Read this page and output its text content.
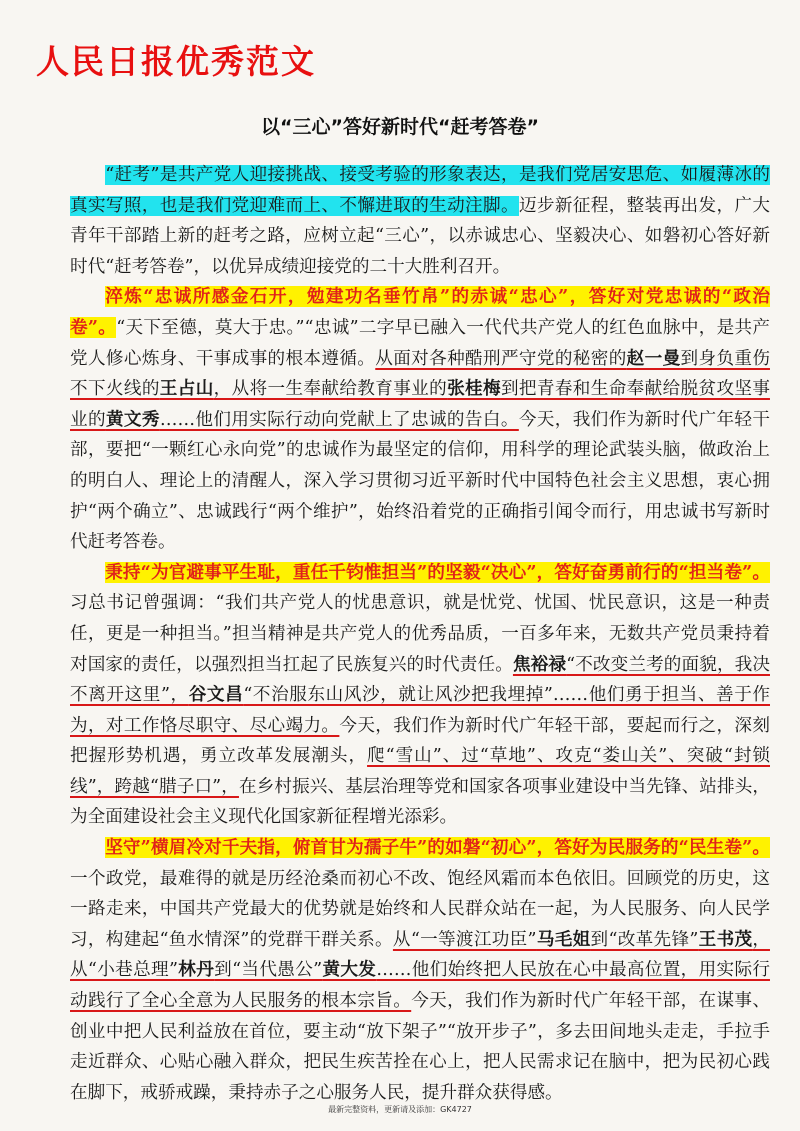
人民日报优秀范文
以“三心”答好新时代“赶考答卷”

“赶考”是共产党人迎接挑战、接受考验的形象表达，是我们党居安思危、如履薄冰的真实写照，也是我们党迎难而上、不懈进取的生动注脚。迈步新征程，整装再出发，广大青年干部踏上新的赶考之路，应树立起“三心”，以赤诚忠心、坚毅决心、如磐初心答好新时代“赶考答卷”，以优异成绩迎接党的二十大胜利召开。

淬炼“忠诚所感金石开，勉建功名垂竹帛”的赤诚“忠心”，答好对党忠诚的“政治卷”。“天下至德，莫大于忠。”“忠诚”二字早已融入一代代共产党人的红色血脉中，是共产党人修心炼身、干事成事的根本遵循。从面对各种酷刑严守党的秘密的赵一曼到身负重伤不下火线的王占山，从将一生奉献给教育事业的张桂梅到把青春和生命奉献给脱贫攻坚事业的黄文秀……他们用实际行动向党献上了忠诚的告白。今天，我们作为新时代广年轻干部，要把“一颗红心永向党”的忠诚作为最坚定的信仰，用科学的理论武装头脑，做政治上的明白人、理论上的清醒人，深入学习贯彻习近平新时代中国特色社会主义思想，衷心拥护“两个确立”、忠诚践行“两个维护”，始终沿着党的正确指引闻令而行，用忠诚书写新时代赶考答卷。

秉持“为官避事平生耻，重任千钧惟担当”的坚毅“决心”，答好奋勇前行的“担当卷”。习总书记曾强调：“我们共产党人的忧患意识，就是忧党、忧国、忧民意识，这是一种责任，更是一种担当。”担当精神是共产党人的优秀品质，一百多年来，无数共产党员秉持着对国家的责任，以强烈担当扛起了民族复兴的时代责任。焦裕禄“不改变兰考的面貌，我决不离开这里”，谷文昌“不治服东山风沙，就让风沙把我埋掉”……他们勇于担当、善于作为，对工作恪尽职守、尽心竭力。今天，我们作为新时代广年轻干部，要起而行之，深刻把握形势机遇，勇立改革发展潮头，爬“雪山”、过“草地”、攻克“娄山关”、突破“封锁线”，跨越“腊子口”，在乡村振兴、基层治理等党和国家各项事业建设中当先锋、站排头，为全面建设社会主义现代化国家新征程增光添彩。

坚守”横眉冷对千夫指，俯首甘为孺子牛”的如磐“初心”，答好为民服务的“民生卷”。一个政党，最难得的就是历经沧桑而初心不改、饱经风霜而本色依旧。回顾党的历史，这一路走来，中国共产党最大的优势就是始终和人民群众站在一起，为人民服务、向人民学习，构建起“鱼水情深”的党群干群关系。从“一等渡江功臣”马毛姐到“改革先锋”王书茂，从“小巷总理”林丹到“当代愚公”黄大发……他们始终把人民放在心中最高位置，用实际行动践行了全心全意为人民服务的根本宗旨。今天，我们作为新时代广年轻干部，在谋事、创业中把人民利益放在首位，要主动“放下架子”“放开步子”，多去田间地头走走，手拉手走近群众、心贴心融入群众，把民生疾苦拴在心上，把人民需求记在脑中，把为民初心践在脚下，戒骄戒躁，秉持赤子之心服务人民，提升群众获得感。

最新完整资料，更新请及添加：GK4727
